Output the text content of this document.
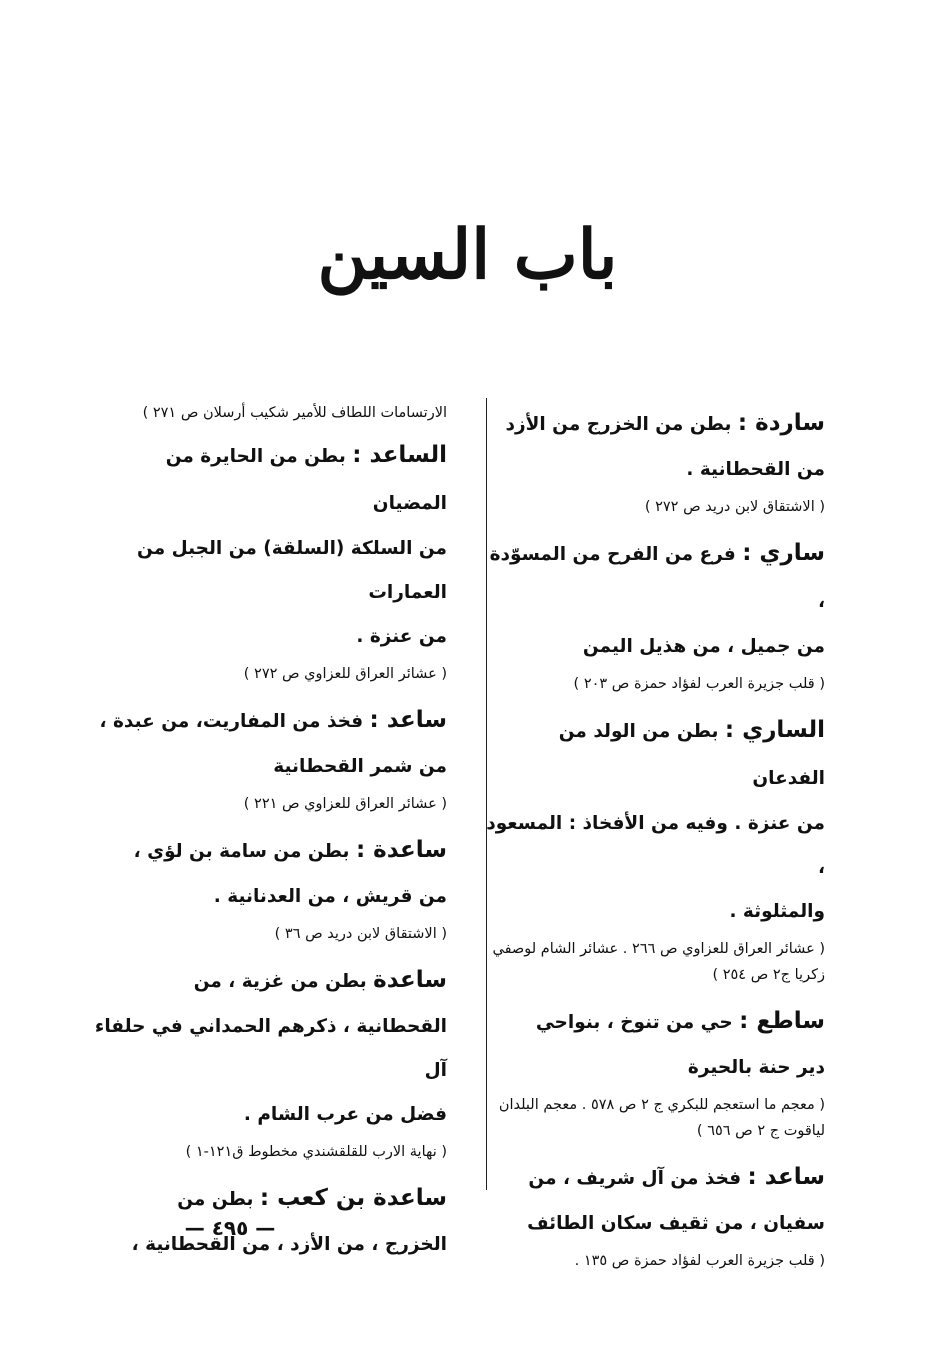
باب السين

ساردة : بطن من الخزرج من الأزد

من القحطانية .

( الاشتقاق لابن دريد ص ٢٧٢ )

ساري : فرع من الفرح من المسوّدة ،

من جميل ، من هذيل اليمن

( قلب جزيرة العرب لفؤاد حمزة ص ٢٠٣ )

الساري : بطن من الولد من الفدعان

من عنزة . وفيه من الأفخاذ : المسعود ،

والمثلوثة .

( عشائر العراق للعزاوي ص ٢٦٦ . عشائر الشام لوصفي زكريا ج٢ ص ٢٥٤ )

ساطع : حي من تنوخ ، بنواحي

دير حنة بالحيرة

( معجم ما استعجم للبكري ج ٢ ص ٥٧٨ . معجم البلدان لياقوت ج ٢ ص ٦٥٦ )

ساعد : فخذ من آل شريف ، من

سفيان ، من ثقيف سكان الطائف

( قلب جزيرة العرب لفؤاد حمزة ص ١٣٥ .

الارتسامات اللطاف للأمير شكيب أرسلان ص ٢٧١ )

الساعد : بطن من الحايرة من المضيان

من السلكة (السلقة) من الجبل من العمارات

من عنزة .

( عشائر العراق للعزاوي ص ٢٧٢ )

ساعد : فخذ من المفاريت، من عبدة ،

من شمر القحطانية

( عشائر العراق للعزاوي ص ٢٢١ )

ساعدة : بطن من سامة بن لؤي ،

من قريش ، من العدنانية .

( الاشتقاق لابن دريد ص ٣٦ )

ساعدة بطن من غزية ، من

القحطانية ، ذكرهم الحمداني في حلفاء آل

فضل من عرب الشام .

( نهاية الارب للقلقشندي مخطوط ق١٢١-١ )

ساعدة بن كعب : بطن من

الخزرج ، من الأزد ، من القحطانية ،

— ٤٩٥ —
